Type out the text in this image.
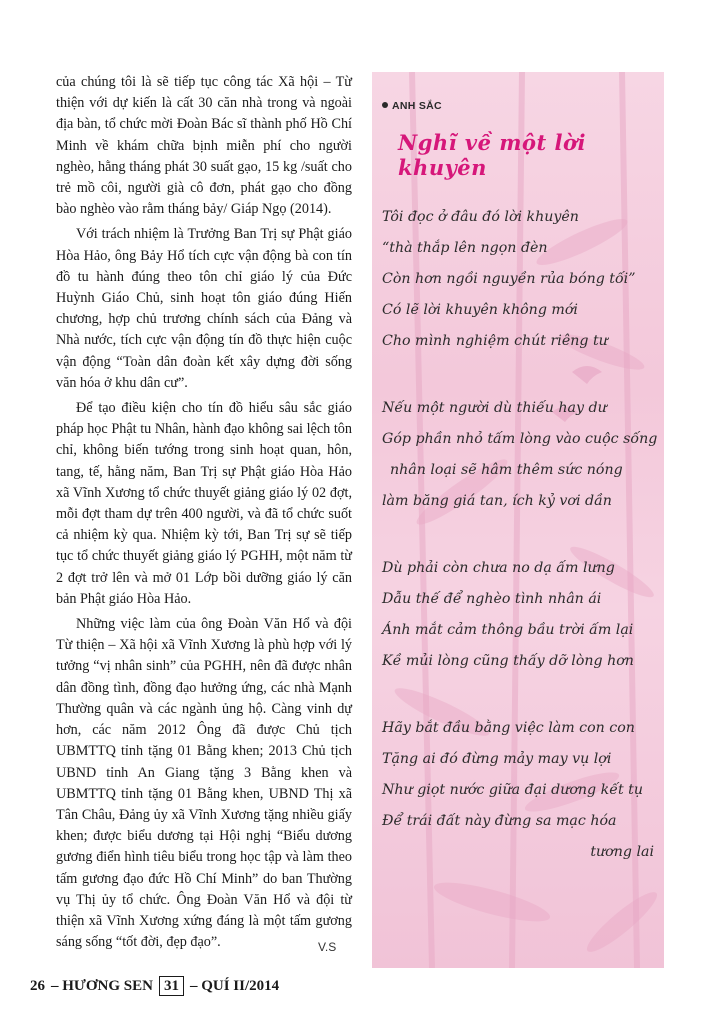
của chúng tôi là sẽ tiếp tục công tác Xã hội – Từ thiện với dự kiến là cất 30 căn nhà trong và ngoài địa bàn, tổ chức mời Đoàn Bác sĩ thành phố Hồ Chí Minh về khám chữa bịnh miễn phí cho người nghèo, hằng tháng phát 30 suất gạo, 15 kg /suất cho trẻ mồ côi, người già cô đơn, phát gạo cho đồng bào nghèo vào rằm tháng bảy/ Giáp Ngọ (2014).

Với trách nhiệm là Trưởng Ban Trị sự Phật giáo Hòa Hảo, ông Bảy Hổ tích cực vận động bà con tín đồ tu hành đúng theo tôn chỉ giáo lý của Đức Huỳnh Giáo Chủ, sinh hoạt tôn giáo đúng Hiến chương, hợp chủ trương chính sách của Đảng và Nhà nước, tích cực vận động tín đồ thực hiện cuộc vận động “Toàn dân đoàn kết xây dựng đời sống văn hóa ở khu dân cư”.

Để tạo điều kiện cho tín đồ hiểu sâu sắc giáo pháp học Phật tu Nhân, hành đạo không sai lệch tôn chỉ, không biến tướng trong sinh hoạt quan, hôn, tang, tế, hằng năm, Ban Trị sự Phật giáo Hòa Hảo xã Vĩnh Xương tổ chức thuyết giảng giáo lý 02 đợt, mỗi đợt tham dự trên 400 người, và đã tổ chức suốt cả nhiệm kỳ qua. Nhiệm kỳ tới, Ban Trị sự sẽ tiếp tục tổ chức thuyết giảng giáo lý PGHH, một năm từ 2 đợt trở lên và mở 01 Lớp bồi dưỡng giáo lý căn bản Phật giáo Hòa Hảo.

Những việc làm của ông Đoàn Văn Hổ và đội Từ thiện – Xã hội xã Vĩnh Xương là phù hợp với lý tưởng “vị nhân sinh” của PGHH, nên đã được nhân dân đồng tình, đồng đạo hưởng ứng, các nhà Mạnh Thường quân và các ngành ủng hộ. Càng vinh dự hơn, các năm 2012 Ông đã được Chủ tịch UBMTTQ tỉnh tặng 01 Bằng khen; 2013 Chủ tịch UBND tỉnh An Giang tặng 3 Bằng khen và UBMTTQ tỉnh tặng 01 Bằng khen, UBND Thị xã Tân Châu, Đảng ủy xã Vĩnh Xương tặng nhiều giấy khen; được biểu dương tại Hội nghị “Biểu dương gương điển hình tiêu biểu trong học tập và làm theo tấm gương đạo đức Hồ Chí Minh” do ban Thường vụ Thị ủy tổ chức. Ông Đoàn Văn Hổ và đội từ thiện xã Vĩnh Xương xứng đáng là một tấm gương sáng sống “tốt đời, đẹp đạo”.	V.S
ANH SẮC
Nghĩ về một lời khuyên
Tôi đọc ở đâu đó lời khuyên
“thà thắp lên ngọn đèn
Còn hơn ngồi nguyền rủa bóng tối”
Có lẽ lời khuyên không mới
Cho mình nghiệm chút riêng tư
Nếu một người dù thiếu hay dư
Góp phần nhỏ tấm lòng vào cuộc sống
nhân loại sẽ hâm thêm sức nóng
làm băng giá tan, ích kỷ vơi dần
Dù phải còn chưa no dạ ấm lưng
Dẫu thế để nghèo tình nhân ái
Ánh mắt cảm thông bầu trời ấm lại
Kề mủi lòng cũng thấy dỡ lòng hơn
Hãy bắt đầu bằng việc làm con con
Tặng ai đó đừng mảy may vụ lợi
Như giọt nước giữa đại dương kết tụ
Để trái đất này đừng sa mạc hóa
tương lai
26 – HƯƠNG SEN 31 – QUÍ II/2014
